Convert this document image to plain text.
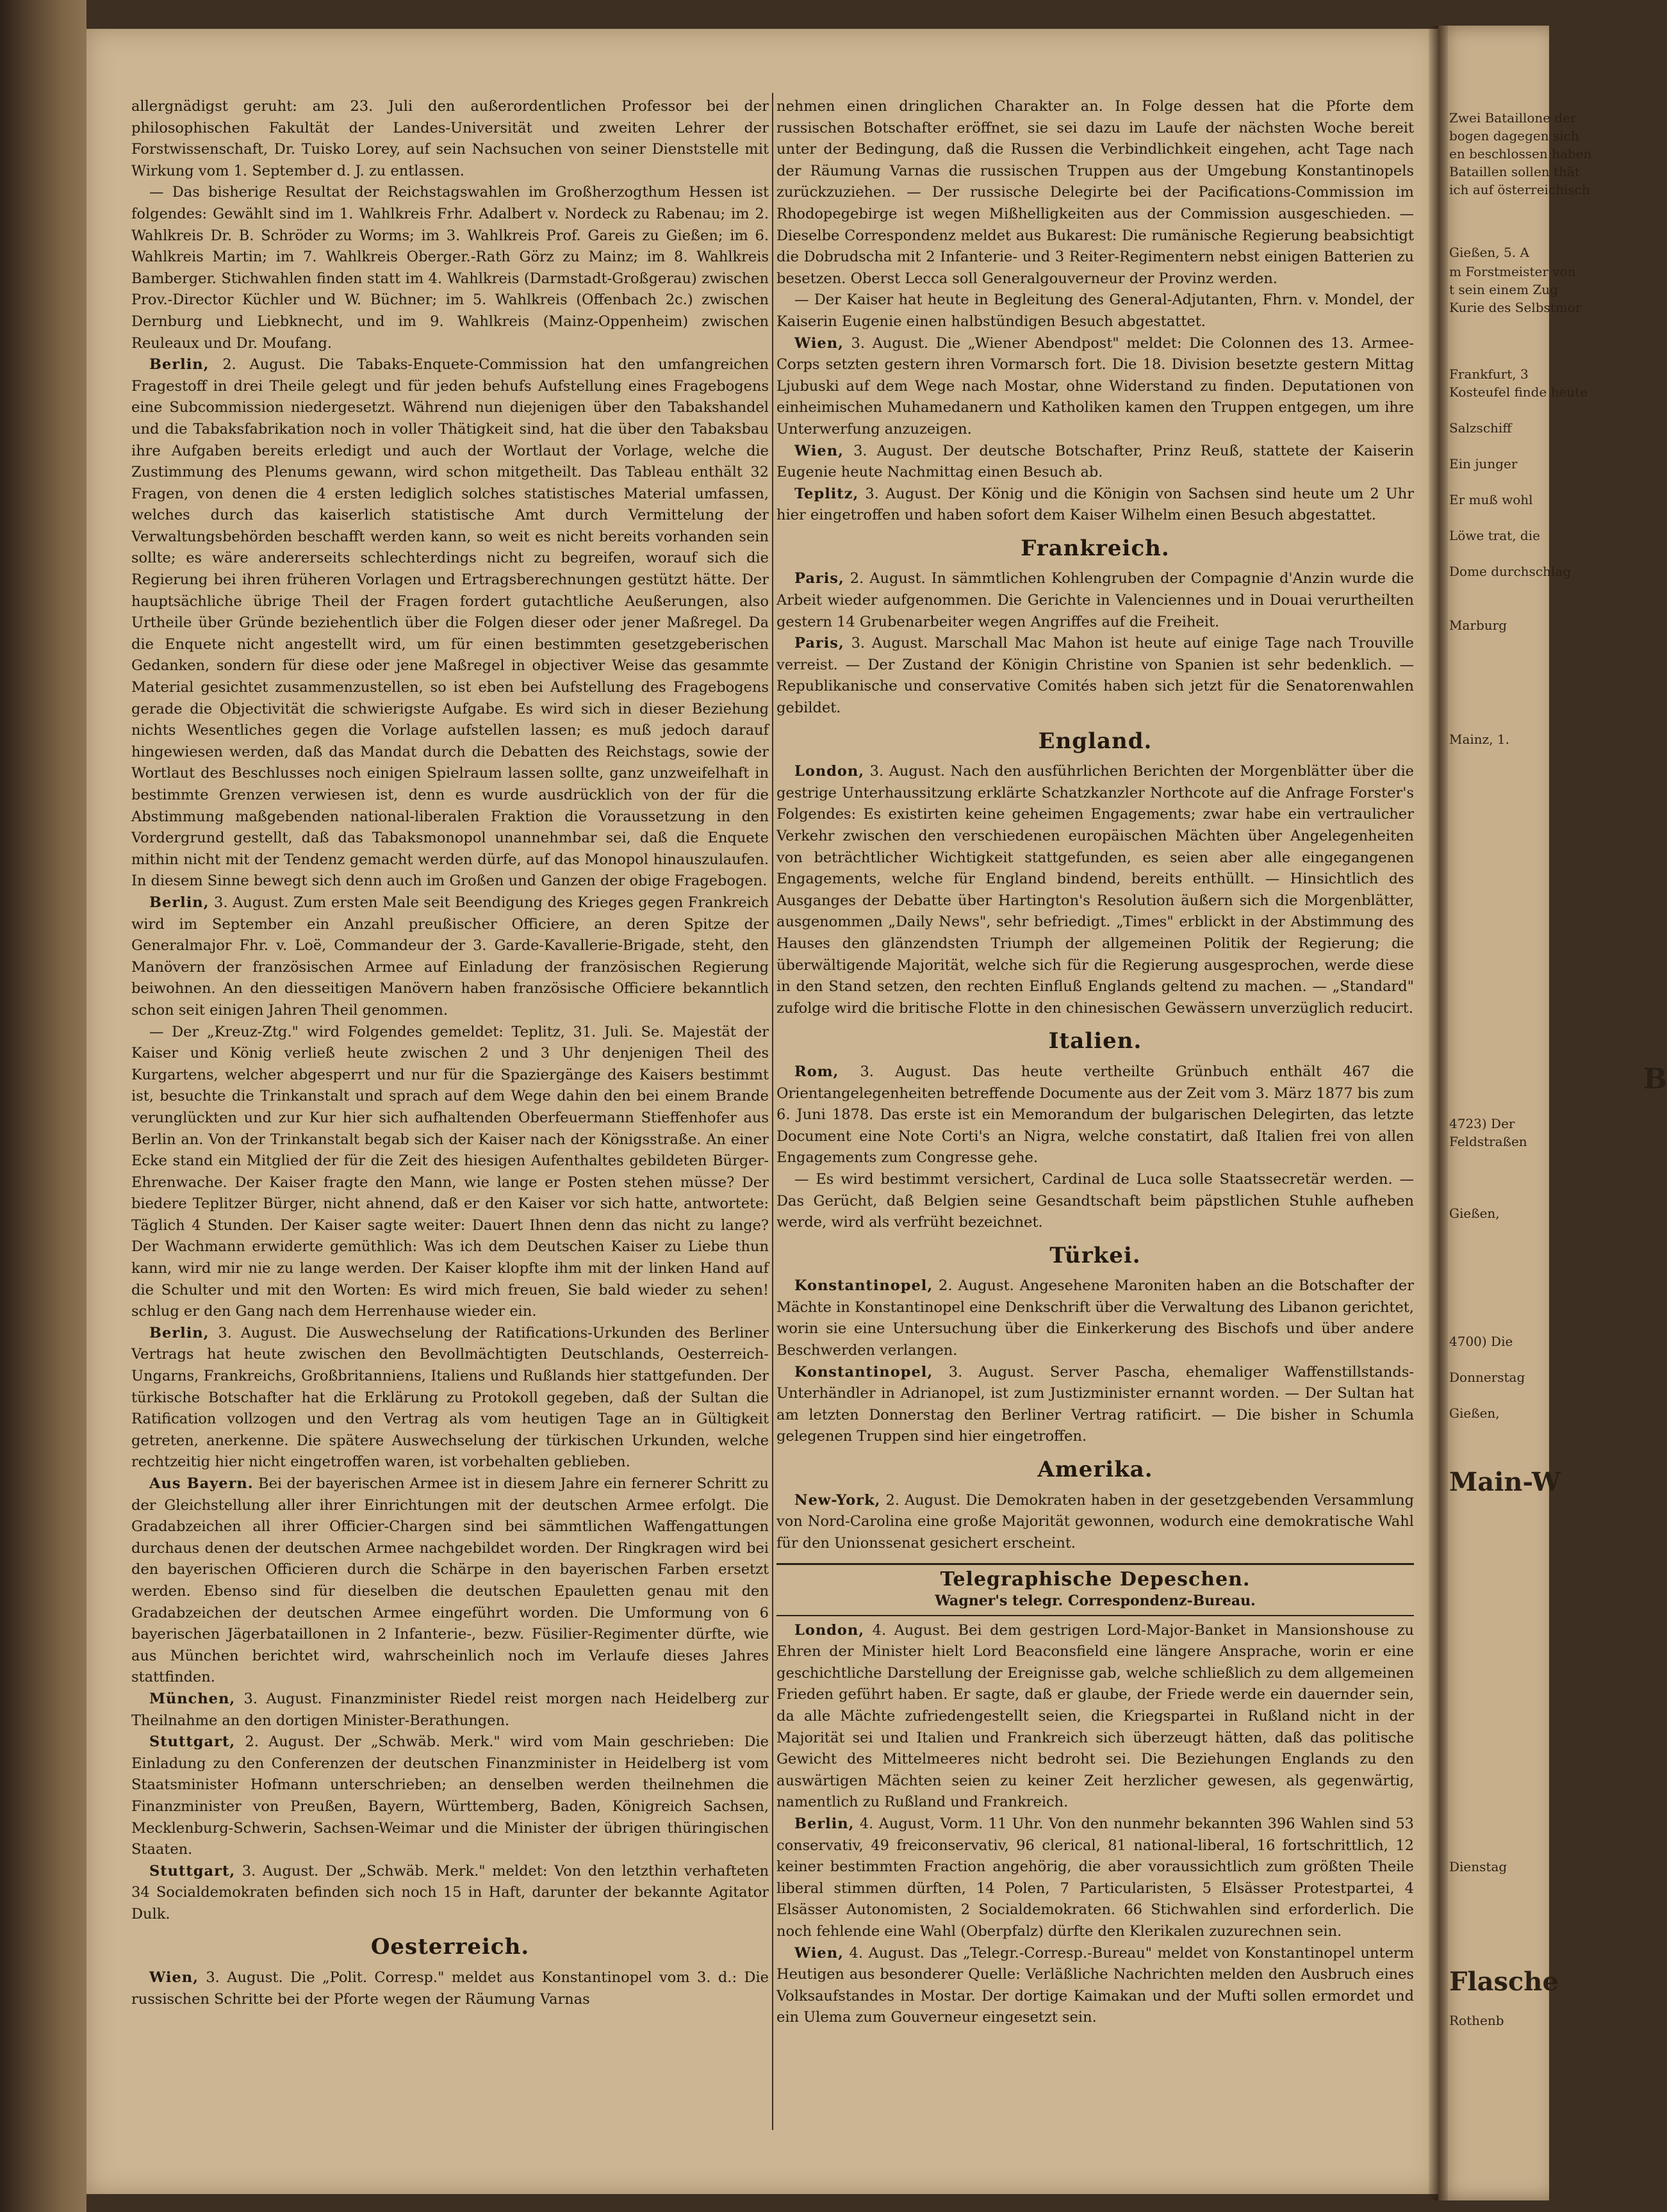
allergnädigst geruht: am 23. Juli den außerordentlichen Professor bei der philosophischen Fakultät der Landes-Universität und zweiten Lehrer der Forstwissenschaft, Dr. Tuisko Lorey, auf sein Nachsuchen von seiner Dienststelle mit Wirkung vom 1. September d. J. zu entlassen.

— Das bisherige Resultat der Reichstagswahlen im Großherzogthum Hessen ist folgendes: Gewählt sind im 1. Wahlkreis Frhr. Adalbert v. Nordeck zu Rabenau; im 2. Wahlkreis Dr. B. Schröder zu Worms; im 3. Wahlkreis Prof. Gareis zu Gießen; im 6. Wahlkreis Martin; im 7. Wahlkreis Oberger.-Rath Görz zu Mainz; im 8. Wahlkreis Bamberger. Stichwahlen finden statt im 4. Wahlkreis (Darmstadt-Großgerau) zwischen Prov.-Director Küchler und W. Büchner; im 5. Wahlkreis (Offenbach 2c.) zwischen Dernburg und Liebknecht, und im 9. Wahlkreis (Mainz-Oppenheim) zwischen Reuleaux und Dr. Moufang.

Berlin, 2. August. Die Tabaks-Enquete-Commission hat den umfangreichen Fragestoff in drei Theile gelegt und für jeden behufs Aufstellung eines Fragebogens eine Subcommission niedergesetzt. Während nun diejenigen über den Tabakshandel und die Tabaksfabrikation noch in voller Thätigkeit sind, hat die über den Tabaksbau ihre Aufgaben bereits erledigt und auch der Wortlaut der Vorlage, welche die Zustimmung des Plenums gewann, wird schon mitgetheilt. Das Tableau enthält 32 Fragen, von denen die 4 ersten lediglich solches statistisches Material umfassen, welches durch das kaiserlich statistische Amt durch Vermittelung der Verwaltungsbehörden beschafft werden kann, so weit es nicht bereits vorhanden sein sollte; es wäre andererseits schlechterdings nicht zu begreifen, worauf sich die Regierung bei ihren früheren Vorlagen und Ertragsberechnungen gestützt hätte. Der hauptsächliche übrige Theil der Fragen fordert gutachtliche Aeußerungen, also Urtheile über Gründe beziehentlich über die Folgen dieser oder jener Maßregel. Da die Enquete nicht angestellt wird, um für einen bestimmten gesetzgeberischen Gedanken, sondern für diese oder jene Maßregel in objectiver Weise das gesammte Material gesichtet zusammenzustellen, so ist eben bei Aufstellung des Fragebogens gerade die Objectivität die schwierigste Aufgabe. Es wird sich in dieser Beziehung nichts Wesentliches gegen die Vorlage aufstellen lassen; es muß jedoch darauf hingewiesen werden, daß das Mandat durch die Debatten des Reichstags, sowie der Wortlaut des Beschlusses noch einigen Spielraum lassen sollte, ganz unzweifelhaft in bestimmte Grenzen verwiesen ist, denn es wurde ausdrücklich von der für die Abstimmung maßgebenden national-liberalen Fraktion die Voraussetzung in den Vordergrund gestellt, daß das Tabaksmonopol unannehmbar sei, daß die Enquete mithin nicht mit der Tendenz gemacht werden dürfe, auf das Monopol hinauszulaufen. In diesem Sinne bewegt sich denn auch im Großen und Ganzen der obige Fragebogen.

Berlin, 3. August. Zum ersten Male seit Beendigung des Krieges gegen Frankreich wird im September ein Anzahl preußischer Officiere, an deren Spitze der Generalmajor Fhr. v. Loë, Commandeur der 3. Garde-Kavallerie-Brigade, steht, den Manövern der französischen Armee auf Einladung der französischen Regierung beiwohnen. An den diesseitigen Manövern haben französische Officiere bekanntlich schon seit einigen Jahren Theil genommen.

— Der „Kreuz-Ztg." wird Folgendes gemeldet: Teplitz, 31. Juli. Se. Majestät der Kaiser und König verließ heute zwischen 2 und 3 Uhr denjenigen Theil des Kurgartens, welcher abgesperrt und nur für die Spaziergänge des Kaisers bestimmt ist, besuchte die Trinkanstalt und sprach auf dem Wege dahin den bei einem Brande verunglückten und zur Kur hier sich aufhaltenden Oberfeuermann Stieffenhofer aus Berlin an. Von der Trinkanstalt begab sich der Kaiser nach der Königsstraße. An einer Ecke stand ein Mitglied der für die Zeit des hiesigen Aufenthaltes gebildeten Bürger-Ehrenwache. Der Kaiser fragte den Mann, wie lange er Posten stehen müsse? Der biedere Teplitzer Bürger, nicht ahnend, daß er den Kaiser vor sich hatte, antwortete: Täglich 4 Stunden. Der Kaiser sagte weiter: Dauert Ihnen denn das nicht zu lange? Der Wachmann erwiderte gemüthlich: Was ich dem Deutschen Kaiser zu Liebe thun kann, wird mir nie zu lange werden. Der Kaiser klopfte ihm mit der linken Hand auf die Schulter und mit den Worten: Es wird mich freuen, Sie bald wieder zu sehen! schlug er den Gang nach dem Herrenhause wieder ein.

Berlin, 3. August. Die Auswechselung der Ratifications-Urkunden des Berliner Vertrags hat heute zwischen den Bevollmächtigten Deutschlands, Oesterreich-Ungarns, Frankreichs, Großbritanniens, Italiens und Rußlands hier stattgefunden. Der türkische Botschafter hat die Erklärung zu Protokoll gegeben, daß der Sultan die Ratification vollzogen und den Vertrag als vom heutigen Tage an in Gültigkeit getreten, anerkenne. Die spätere Auswechselung der türkischen Urkunden, welche rechtzeitig hier nicht eingetroffen waren, ist vorbehalten geblieben.

Aus Bayern. Bei der bayerischen Armee ist in diesem Jahre ein fernerer Schritt zu der Gleichstellung aller ihrer Einrichtungen mit der deutschen Armee erfolgt. Die Gradabzeichen all ihrer Officier-Chargen sind bei sämmtlichen Waffengattungen durchaus denen der deutschen Armee nachgebildet worden. Der Ringkragen wird bei den bayerischen Officieren durch die Schärpe in den bayerischen Farben ersetzt werden. Ebenso sind für dieselben die deutschen Epauletten genau mit den Gradabzeichen der deutschen Armee eingeführt worden. Die Umformung von 6 bayerischen Jägerbataillonen in 2 Infanterie-, bezw. Füsilier-Regimenter dürfte, wie aus München berichtet wird, wahrscheinlich noch im Verlaufe dieses Jahres stattfinden.

München, 3. August. Finanzminister Riedel reist morgen nach Heidelberg zur Theilnahme an den dortigen Minister-Berathungen.

Stuttgart, 2. August. Der „Schwäb. Merk." wird vom Main geschrieben: Die Einladung zu den Conferenzen der deutschen Finanzminister in Heidelberg ist vom Staatsminister Hofmann unterschrieben; an denselben werden theilnehmen die Finanzminister von Preußen, Bayern, Württemberg, Baden, Königreich Sachsen, Mecklenburg-Schwerin, Sachsen-Weimar und die Minister der übrigen thüringischen Staaten.

Stuttgart, 3. August. Der „Schwäb. Merk." meldet: Von den letzthin verhafteten 34 Socialdemokraten befinden sich noch 15 in Haft, darunter der bekannte Agitator Dulk.

Oesterreich.

Wien, 3. August. Die „Polit. Corresp." meldet aus Konstantinopel vom 3. d.: Die russischen Schritte bei der Pforte wegen der Räumung Varnas

nehmen einen dringlichen Charakter an. In Folge dessen hat die Pforte dem russischen Botschafter eröffnet, sie sei dazu im Laufe der nächsten Woche bereit unter der Bedingung, daß die Russen die Verbindlichkeit eingehen, acht Tage nach der Räumung Varnas die russischen Truppen aus der Umgebung Konstantinopels zurückzuziehen. — Der russische Delegirte bei der Pacifications-Commission im Rhodopegebirge ist wegen Mißhelligkeiten aus der Commission ausgeschieden. — Dieselbe Correspondenz meldet aus Bukarest: Die rumänische Regierung beabsichtigt die Dobrudscha mit 2 Infanterie- und 3 Reiter-Regimentern nebst einigen Batterien zu besetzen. Oberst Lecca soll Generalgouverneur der Provinz werden.

— Der Kaiser hat heute in Begleitung des General-Adjutanten, Fhrn. v. Mondel, der Kaiserin Eugenie einen halbstündigen Besuch abgestattet.

Wien, 3. August. Die „Wiener Abendpost" meldet: Die Colonnen des 13. Armee-Corps setzten gestern ihren Vormarsch fort. Die 18. Division besetzte gestern Mittag Ljubuski auf dem Wege nach Mostar, ohne Widerstand zu finden. Deputationen von einheimischen Muhamedanern und Katholiken kamen den Truppen entgegen, um ihre Unterwerfung anzuzeigen.

Wien, 3. August. Der deutsche Botschafter, Prinz Reuß, stattete der Kaiserin Eugenie heute Nachmittag einen Besuch ab.

Teplitz, 3. August. Der König und die Königin von Sachsen sind heute um 2 Uhr hier eingetroffen und haben sofort dem Kaiser Wilhelm einen Besuch abgestattet.

Frankreich.

Paris, 2. August. In sämmtlichen Kohlengruben der Compagnie d'Anzin wurde die Arbeit wieder aufgenommen. Die Gerichte in Valenciennes und in Douai verurtheilten gestern 14 Grubenarbeiter wegen Angriffes auf die Freiheit.

Paris, 3. August. Marschall Mac Mahon ist heute auf einige Tage nach Trouville verreist. — Der Zustand der Königin Christine von Spanien ist sehr bedenklich. — Republikanische und conservative Comités haben sich jetzt für die Senatorenwahlen gebildet.

England.

London, 3. August. Nach den ausführlichen Berichten der Morgenblätter über die gestrige Unterhaussitzung erklärte Schatzkanzler Northcote auf die Anfrage Forster's Folgendes: Es existirten keine geheimen Engagements; zwar habe ein vertraulicher Verkehr zwischen den verschiedenen europäischen Mächten über Angelegenheiten von beträchtlicher Wichtigkeit stattgefunden, es seien aber alle eingegangenen Engagements, welche für England bindend, bereits enthüllt. — Hinsichtlich des Ausganges der Debatte über Hartington's Resolution äußern sich die Morgenblätter, ausgenommen „Daily News", sehr befriedigt. „Times" erblickt in der Abstimmung des Hauses den glänzendsten Triumph der allgemeinen Politik der Regierung; die überwältigende Majorität, welche sich für die Regierung ausgesprochen, werde diese in den Stand setzen, den rechten Einfluß Englands geltend zu machen. — „Standard" zufolge wird die britische Flotte in den chinesischen Gewässern unverzüglich reducirt.

Italien.

Rom, 3. August. Das heute vertheilte Grünbuch enthält 467 die Orientangelegenheiten betreffende Documente aus der Zeit vom 3. März 1877 bis zum 6. Juni 1878. Das erste ist ein Memorandum der bulgarischen Delegirten, das letzte Document eine Note Corti's an Nigra, welche constatirt, daß Italien frei von allen Engagements zum Congresse gehe.

— Es wird bestimmt versichert, Cardinal de Luca solle Staatssecretär werden. — Das Gerücht, daß Belgien seine Gesandtschaft beim päpstlichen Stuhle aufheben werde, wird als verfrüht bezeichnet.

Türkei.

Konstantinopel, 2. August. Angesehene Maroniten haben an die Botschafter der Mächte in Konstantinopel eine Denkschrift über die Verwaltung des Libanon gerichtet, worin sie eine Untersuchung über die Einkerkerung des Bischofs und über andere Beschwerden verlangen.

Konstantinopel, 3. August. Server Pascha, ehemaliger Waffenstillstands-Unterhändler in Adrianopel, ist zum Justizminister ernannt worden. — Der Sultan hat am letzten Donnerstag den Berliner Vertrag ratificirt. — Die bisher in Schumla gelegenen Truppen sind hier eingetroffen.

Amerika.

New-York, 2. August. Die Demokraten haben in der gesetzgebenden Versammlung von Nord-Carolina eine große Majorität gewonnen, wodurch eine demokratische Wahl für den Unionssenat gesichert erscheint.

Telegraphische Depeschen.
Wagner's telegr. Correspondenz-Bureau.

London, 4. August. Bei dem gestrigen Lord-Major-Banket in Mansionshouse zu Ehren der Minister hielt Lord Beaconsfield eine längere Ansprache, worin er eine geschichtliche Darstellung der Ereignisse gab, welche schließlich zu dem allgemeinen Frieden geführt haben. Er sagte, daß er glaube, der Friede werde ein dauernder sein, da alle Mächte zufriedengestellt seien, die Kriegspartei in Rußland nicht in der Majorität sei und Italien und Frankreich sich überzeugt hätten, daß das politische Gewicht des Mittelmeeres nicht bedroht sei. Die Beziehungen Englands zu den auswärtigen Mächten seien zu keiner Zeit herzlicher gewesen, als gegenwärtig, namentlich zu Rußland und Frankreich.

Berlin, 4. August, Vorm. 11 Uhr. Von den nunmehr bekannten 396 Wahlen sind 53 conservativ, 49 freiconservativ, 96 clerical, 81 national-liberal, 16 fortschrittlich, 12 keiner bestimmten Fraction angehörig, die aber voraussichtlich zum größten Theile liberal stimmen dürften, 14 Polen, 7 Particularisten, 5 Elsässer Protestpartei, 4 Elsässer Autonomisten, 2 Socialdemokraten. 66 Stichwahlen sind erforderlich. Die noch fehlende eine Wahl (Oberpfalz) dürfte den Klerikalen zuzurechnen sein.

Wien, 4. August. Das „Telegr.-Corresp.-Bureau" meldet von Konstantinopel unterm Heutigen aus besonderer Quelle: Verläßliche Nachrichten melden den Ausbruch eines Volksaufstandes in Mostar. Der dortige Kaimakan und der Mufti sollen ermordet und ein Ulema zum Gouverneur eingesetzt sein.

Zwei Bataillone der
bogen dagegen sich
en beschlossen haben
Bataillen sollen thät
ich auf österreichisch
Gießen, 5. A
m Forstmeister von
t sein einem Zug
Kurie des Selbstmor
Frankfurt, 3
Kosteufel finde heute
Salzschiff
Ein junger
Er muß wohl
Löwe trat, die
Dome durchschlag
Marburg
Mainz, 1.
B
4723) Der
Feldstraßen
Gießen,
4700) Die
Donnerstag
Gießen,
Main-W
Dienstag
Flasche
Rothenb
